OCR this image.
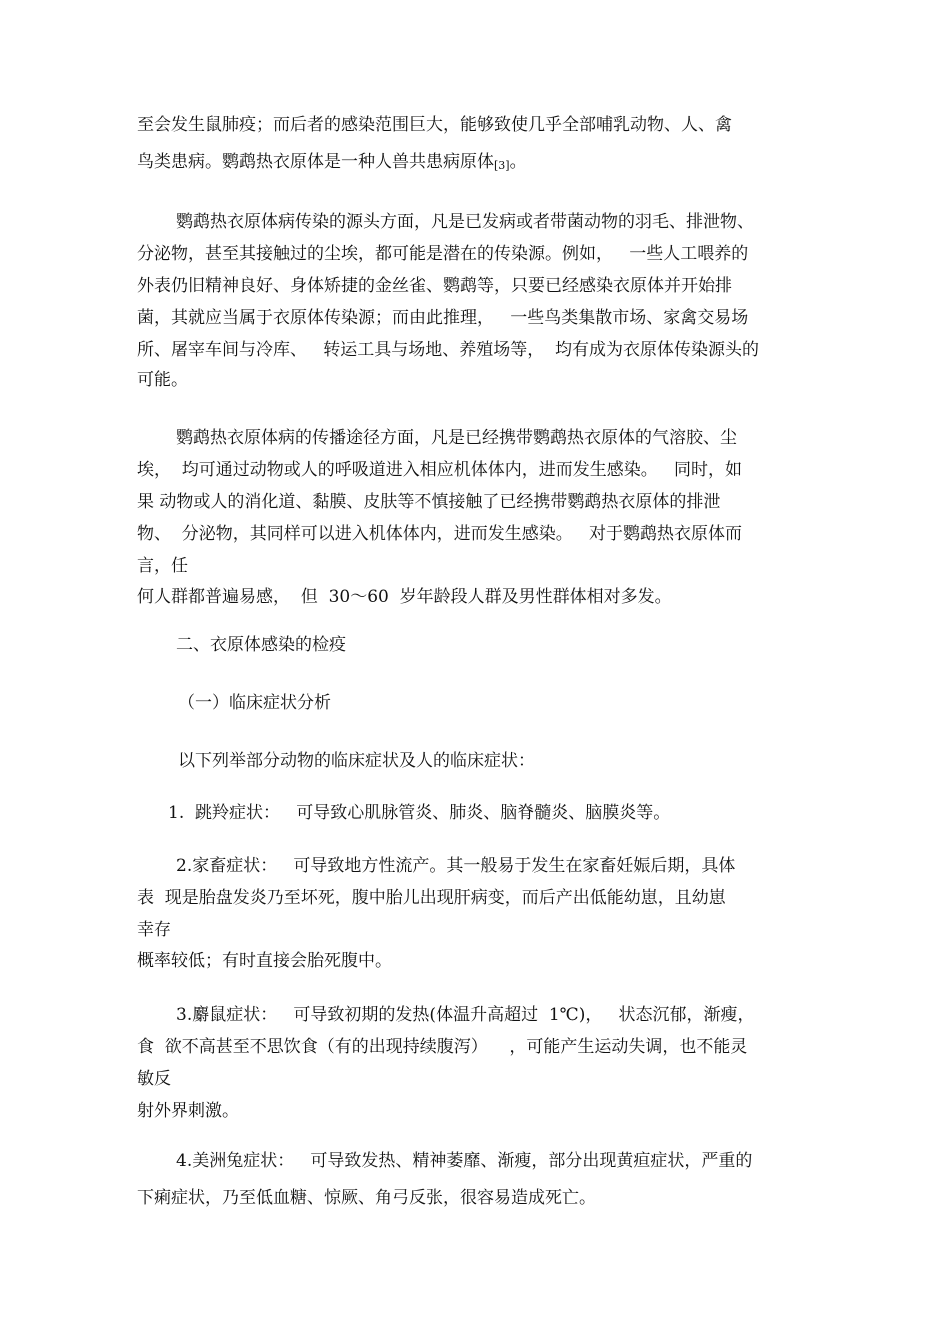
至会发生鼠肺疫；而后者的感染范围巨大，能够致使几乎全部哺乳动物、人、禽
鸟类患病。鹦鹉热衣原体是一种人兽共患病原体[3]。
鹦鹉热衣原体病传染的源头方面，凡是已发病或者带菌动物的羽毛、排泄物、
分泌物，甚至其接触过的尘埃，都可能是潜在的传染源。例如，   一些人工喂养的
外表仍旧精神良好、身体矫捷的金丝雀、鹦鹉等，只要已经感染衣原体并开始排
菌，其就应当属于衣原体传染源；而由此推理，   一些鸟类集散市场、家禽交易场
所、屠宰车间与冷库、   转运工具与场地、养殖场等，  均有成为衣原体传染源头的
可能。
鹦鹉热衣原体病的传播途径方面，凡是已经携带鹦鹉热衣原体的气溶胶、尘
埃，  均可通过动物或人的呼吸道进入相应机体体内，进而发生感染。   同时，如
果 动物或人的消化道、黏膜、皮肤等不慎接触了已经携带鹦鹉热衣原体的排泄
物、  分泌物，其同样可以进入机体体内，进而发生感染。   对于鹦鹉热衣原体而
言，任
何人群都普遍易感，  但  30～60  岁年龄段人群及男性群体相对多发。
二、衣原体感染的检疫
（一）临床症状分析
以下列举部分动物的临床症状及人的临床症状：
1.  跳羚症状：   可导致心肌脉管炎、肺炎、脑脊髓炎、脑膜炎等。
2.家畜症状：   可导致地方性流产。其一般易于发生在家畜妊娠后期，具体
表  现是胎盘发炎乃至坏死，腹中胎儿出现肝病变，而后产出低能幼崽，且幼崽
幸存
概率较低；有时直接会胎死腹中。
3.麝鼠症状：   可导致初期的发热(体温升高超过  1℃)，   状态沉郁，渐瘦，
食  欲不高甚至不思饮食（有的出现持续腹泻）    ，可能产生运动失调，也不能灵
敏反
射外界刺激。
4.美洲兔症状：   可导致发热、精神萎靡、渐瘦，部分出现黄疸症状，严重的
下痢症状，乃至低血糖、惊厥、角弓反张，很容易造成死亡。
